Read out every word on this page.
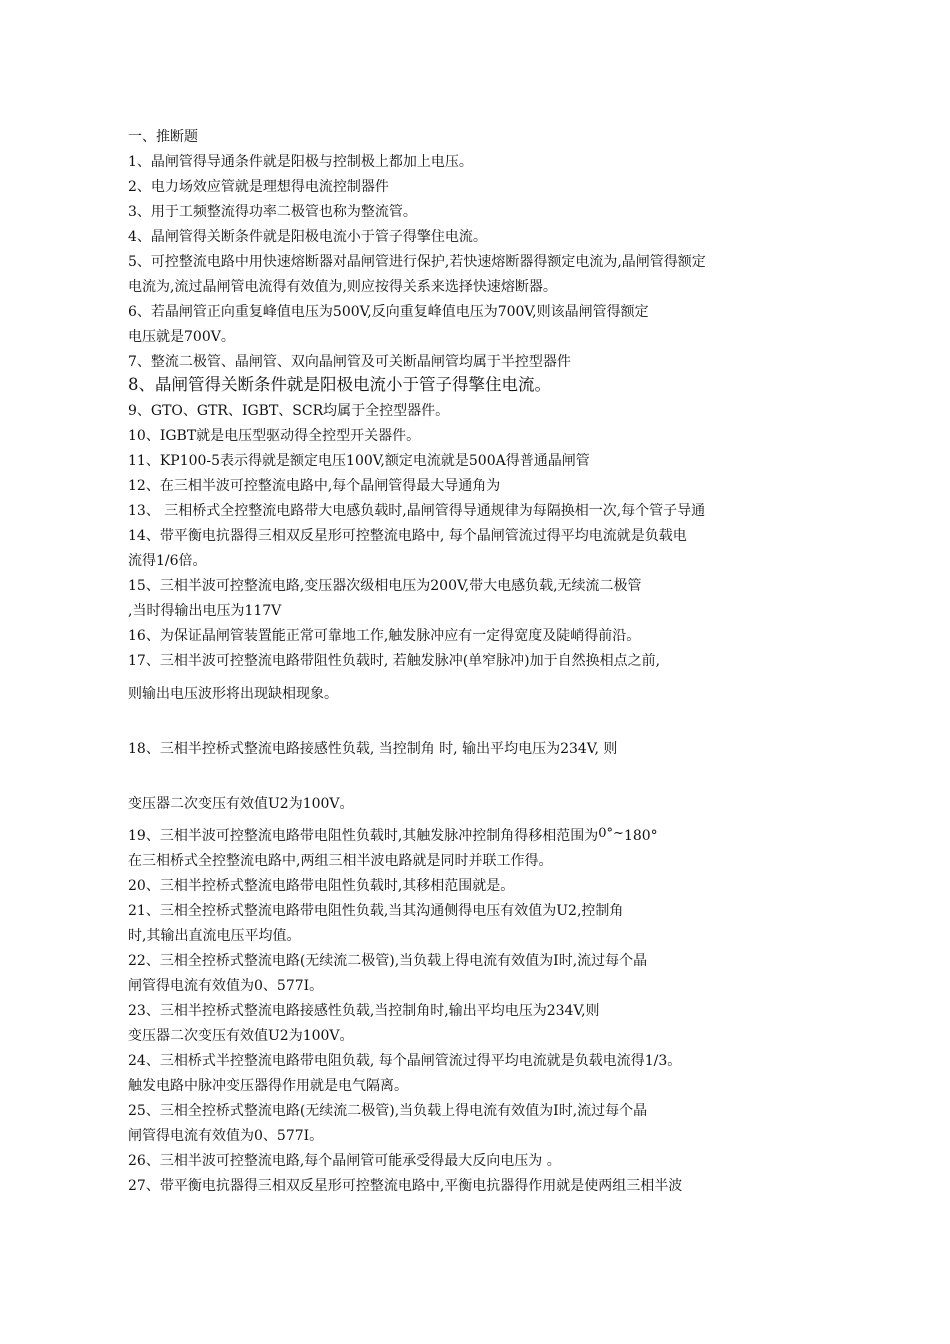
一、推断题
1、晶闸管得导通条件就是阳极与控制极上都加上电压。
2、电力场效应管就是理想得电流控制器件
3、用于工频整流得功率二极管也称为整流管。
4、晶闸管得关断条件就是阳极电流小于管子得擎住电流。
5、可控整流电路中用快速熔断器对晶闸管进行保护,若快速熔断器得额定电流为,晶闸管得额定
电流为,流过晶闸管电流得有效值为,则应按得关系来选择快速熔断器。
6、若晶闸管正向重复峰值电压为500V,反向重复峰值电压为700V,则该晶闸管得额定
电压就是700V。
7、整流二极管、晶闸管、双向晶闸管及可关断晶闸管均属于半控型器件
8、晶闸管得关断条件就是阳极电流小于管子得擎住电流。
9、GTO、GTR、IGBT、SCR均属于全控型器件。
10、IGBT就是电压型驱动得全控型开关器件。
11、KP100-5表示得就是额定电压100V,额定电流就是500A得普通晶闸管
12、在三相半波可控整流电路中,每个晶闸管得最大导通角为
13、 三相桥式全控整流电路带大电感负载时,晶闸管得导通规律为每隔换相一次,每个管子导通
14、带平衡电抗器得三相双反星形可控整流电路中, 每个晶闸管流过得平均电流就是负载电
流得1/6倍。
15、三相半波可控整流电路,变压器次级相电压为200V,带大电感负载,无续流二极管
,当时得输出电压为117V
16、为保证晶闸管装置能正常可靠地工作,触发脉冲应有一定得宽度及陡峭得前沿。
17、三相半波可控整流电路带阻性负载时, 若触发脉冲(单窄脉冲)加于自然换相点之前,
则输出电压波形将出现缺相现象。
18、三相半控桥式整流电路接感性负载, 当控制角 时, 输出平均电压为234V, 则
变压器二次变压有效值U2为100V。
19、三相半波可控整流电路带电阻性负载时,其触发脉冲控制角得移相范围为0°~180°
在三相桥式全控整流电路中,两组三相半波电路就是同时并联工作得。
20、三相半控桥式整流电路带电阻性负载时,其移相范围就是。
21、三相全控桥式整流电路带电阻性负载,当其沟通侧得电压有效值为U2,控制角
时,其输出直流电压平均值。
22、三相全控桥式整流电路(无续流二极管),当负载上得电流有效值为I时,流过每个晶
闸管得电流有效值为0、577I。
23、三相半控桥式整流电路接感性负载,当控制角时,输出平均电压为234V,则
变压器二次变压有效值U2为100V。
24、三相桥式半控整流电路带电阻负载, 每个晶闸管流过得平均电流就是负载电流得1/3。
触发电路中脉冲变压器得作用就是电气隔离。
25、三相全控桥式整流电路(无续流二极管),当负载上得电流有效值为I时,流过每个晶
闸管得电流有效值为0、577I。
26、三相半波可控整流电路,每个晶闸管可能承受得最大反向电压为 。
27、带平衡电抗器得三相双反星形可控整流电路中,平衡电抗器得作用就是使两组三相半波
